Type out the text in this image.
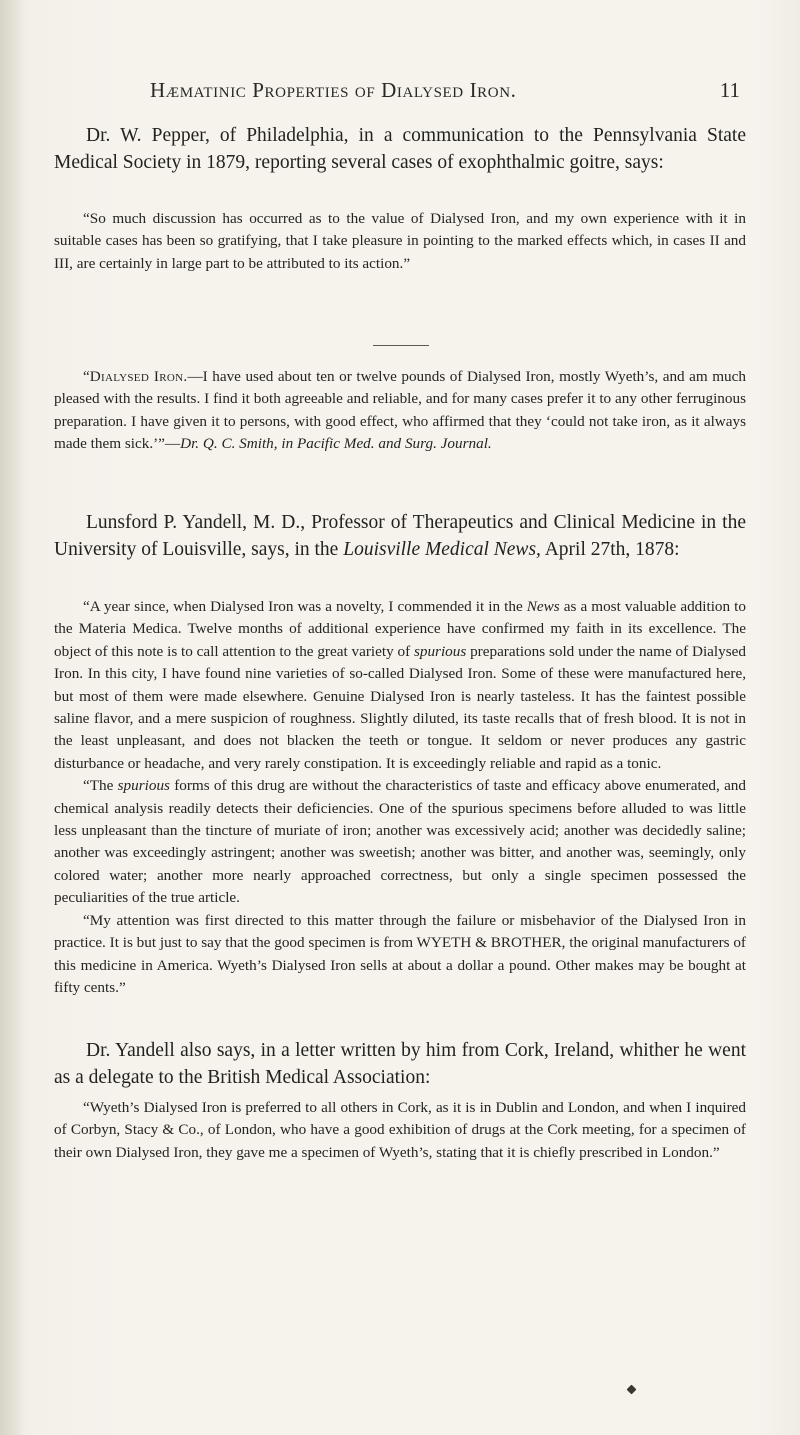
Hæmatinic Properties of Dialysed Iron.	11

Dr. W. Pepper, of Philadelphia, in a communication to the Pennsylvania State Medical Society in 1879, reporting several cases of exophthalmic goitre, says:

“So much discussion has occurred as to the value of Dialysed Iron, and my own experience with it in suitable cases has been so gratifying, that I take pleasure in pointing to the marked effects which, in cases II and III, are certainly in large part to be attributed to its action.”

“Dialysed Iron.—I have used about ten or twelve pounds of Dialysed Iron, mostly Wyeth’s, and am much pleased with the results. I find it both agreeable and reliable, and for many cases prefer it to any other ferruginous preparation. I have given it to persons, with good effect, who affirmed that they ‘could not take iron, as it always made them sick.’”—Dr. Q. C. Smith, in Pacific Med. and Surg. Journal.

Lunsford P. Yandell, M. D., Professor of Therapeutics and Clinical Medicine in the University of Louisville, says, in the Louisville Medical News, April 27th, 1878:

“A year since, when Dialysed Iron was a novelty, I commended it in the News as a most valuable addition to the Materia Medica. Twelve months of additional experience have confirmed my faith in its excellence. The object of this note is to call attention to the great variety of spurious preparations sold under the name of Dialysed Iron. In this city, I have found nine varieties of so-called Dialysed Iron. Some of these were manufactured here, but most of them were made elsewhere. Genuine Dialysed Iron is nearly tasteless. It has the faintest possible saline flavor, and a mere suspicion of roughness. Slightly diluted, its taste recalls that of fresh blood. It is not in the least unpleasant, and does not blacken the teeth or tongue. It seldom or never produces any gastric disturbance or headache, and very rarely constipation. It is exceedingly reliable and rapid as a tonic.

“The spurious forms of this drug are without the characteristics of taste and efficacy above enumerated, and chemical analysis readily detects their deficiencies. One of the spurious specimens before alluded to was little less unpleasant than the tincture of muriate of iron; another was excessively acid; another was decidedly saline; another was exceedingly astringent; another was sweetish; another was bitter, and another was, seemingly, only colored water; another more nearly approached correctness, but only a single specimen possessed the peculiarities of the true article.

“My attention was first directed to this matter through the failure or misbehavior of the Dialysed Iron in practice. It is but just to say that the good specimen is from WYETH & BROTHER, the original manufacturers of this medicine in America. Wyeth’s Dialysed Iron sells at about a dollar a pound. Other makes may be bought at fifty cents.”

Dr. Yandell also says, in a letter written by him from Cork, Ireland, whither he went as a delegate to the British Medical Association:

“Wyeth’s Dialysed Iron is preferred to all others in Cork, as it is in Dublin and London, and when I inquired of Corbyn, Stacy & Co., of London, who have a good exhibition of drugs at the Cork meeting, for a specimen of their own Dialysed Iron, they gave me a specimen of Wyeth’s, stating that it is chiefly prescribed in London.”
